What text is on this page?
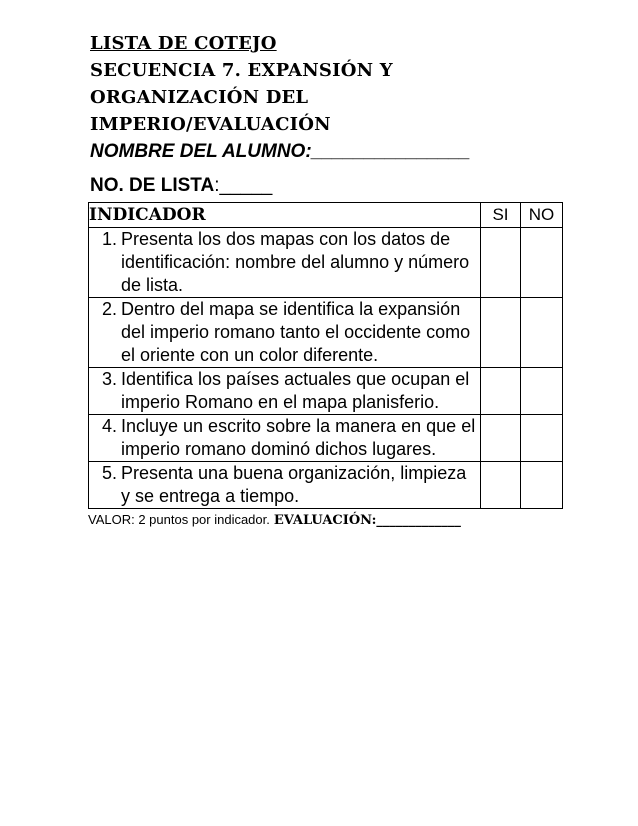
LISTA DE COTEJO

SECUENCIA 7. EXPANSIÓN Y

ORGANIZACIÓN DEL

IMPERIO/EVALUACIÓN

NOMBRE DEL ALUMNO:_______________

NO. DE LISTA:_____

INDICADOR	SI	NO

1. Presenta los dos mapas con los datos de identificación: nombre del alumno y número de lista.		

2. Dentro del mapa se identifica la expansión del imperio romano tanto el occidente como el oriente con un color diferente.		

3. Identifica los países actuales que ocupan el imperio Romano en el mapa planisferio.		

4. Incluye un escrito sobre la manera en que el imperio romano dominó dichos lugares.		

5. Presenta una buena organización, limpieza y se entrega a tiempo.		

VALOR: 2 puntos por indicador. EVALUACIÓN:_____________
